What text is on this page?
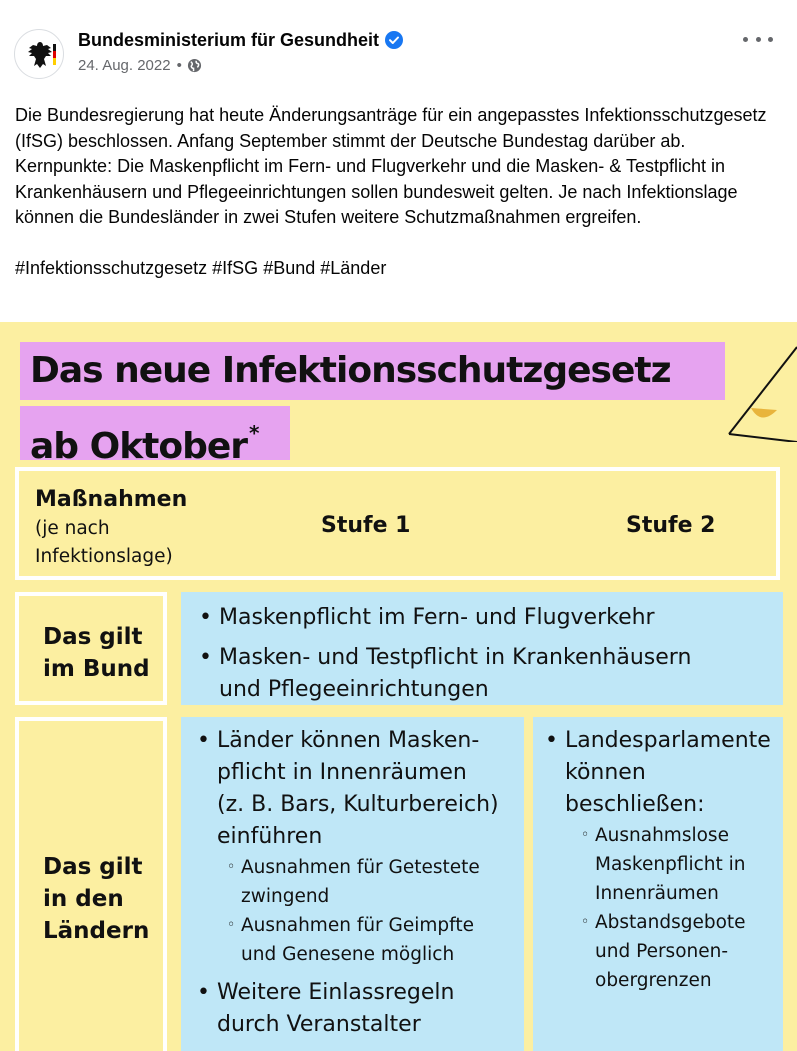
Bundesministerium für Gesundheit
24. Aug. 2022 •

Die Bundesregierung hat heute Änderungsanträge für ein angepasstes Infektionsschutzgesetz (IfSG) beschlossen. Anfang September stimmt der Deutsche Bundestag darüber ab. Kernpunkte: Die Maskenpflicht im Fern- und Flugverkehr und die Masken- & Testpflicht in Krankenhäusern und Pflegeeinrichtungen sollen bundesweit gelten. Je nach Infektionslage können die Bundesländer in zwei Stufen weitere Schutzmaßnahmen ergreifen.

#Infektionsschutzgesetz #IfSG #Bund #Länder

Das neue Infektionsschutzgesetz
ab Oktober *
Maßnahmen
(je nach
Infektionslage)
Stufe 1	Stufe 2
Das gilt
im Bund
• Maskenpflicht im Fern- und Flugverkehr
• Masken- und Testpflicht in Krankenhäusern
und Pflegeeinrichtungen
Das gilt
in den
Ländern
• Länder können Masken-
pflicht in Innenräumen
(z. B. Bars, Kulturbereich)
einführen
◦ Ausnahmen für Getestete
zwingend
◦ Ausnahmen für Geimpfte
und Genesene möglich
• Weitere Einlassregeln
durch Veranstalter
• Landesparlamente
können
beschließen:
◦ Ausnahmslose
Maskenpflicht in
Innenräumen
◦ Abstandsgebote
und Personen-
obergrenzen
